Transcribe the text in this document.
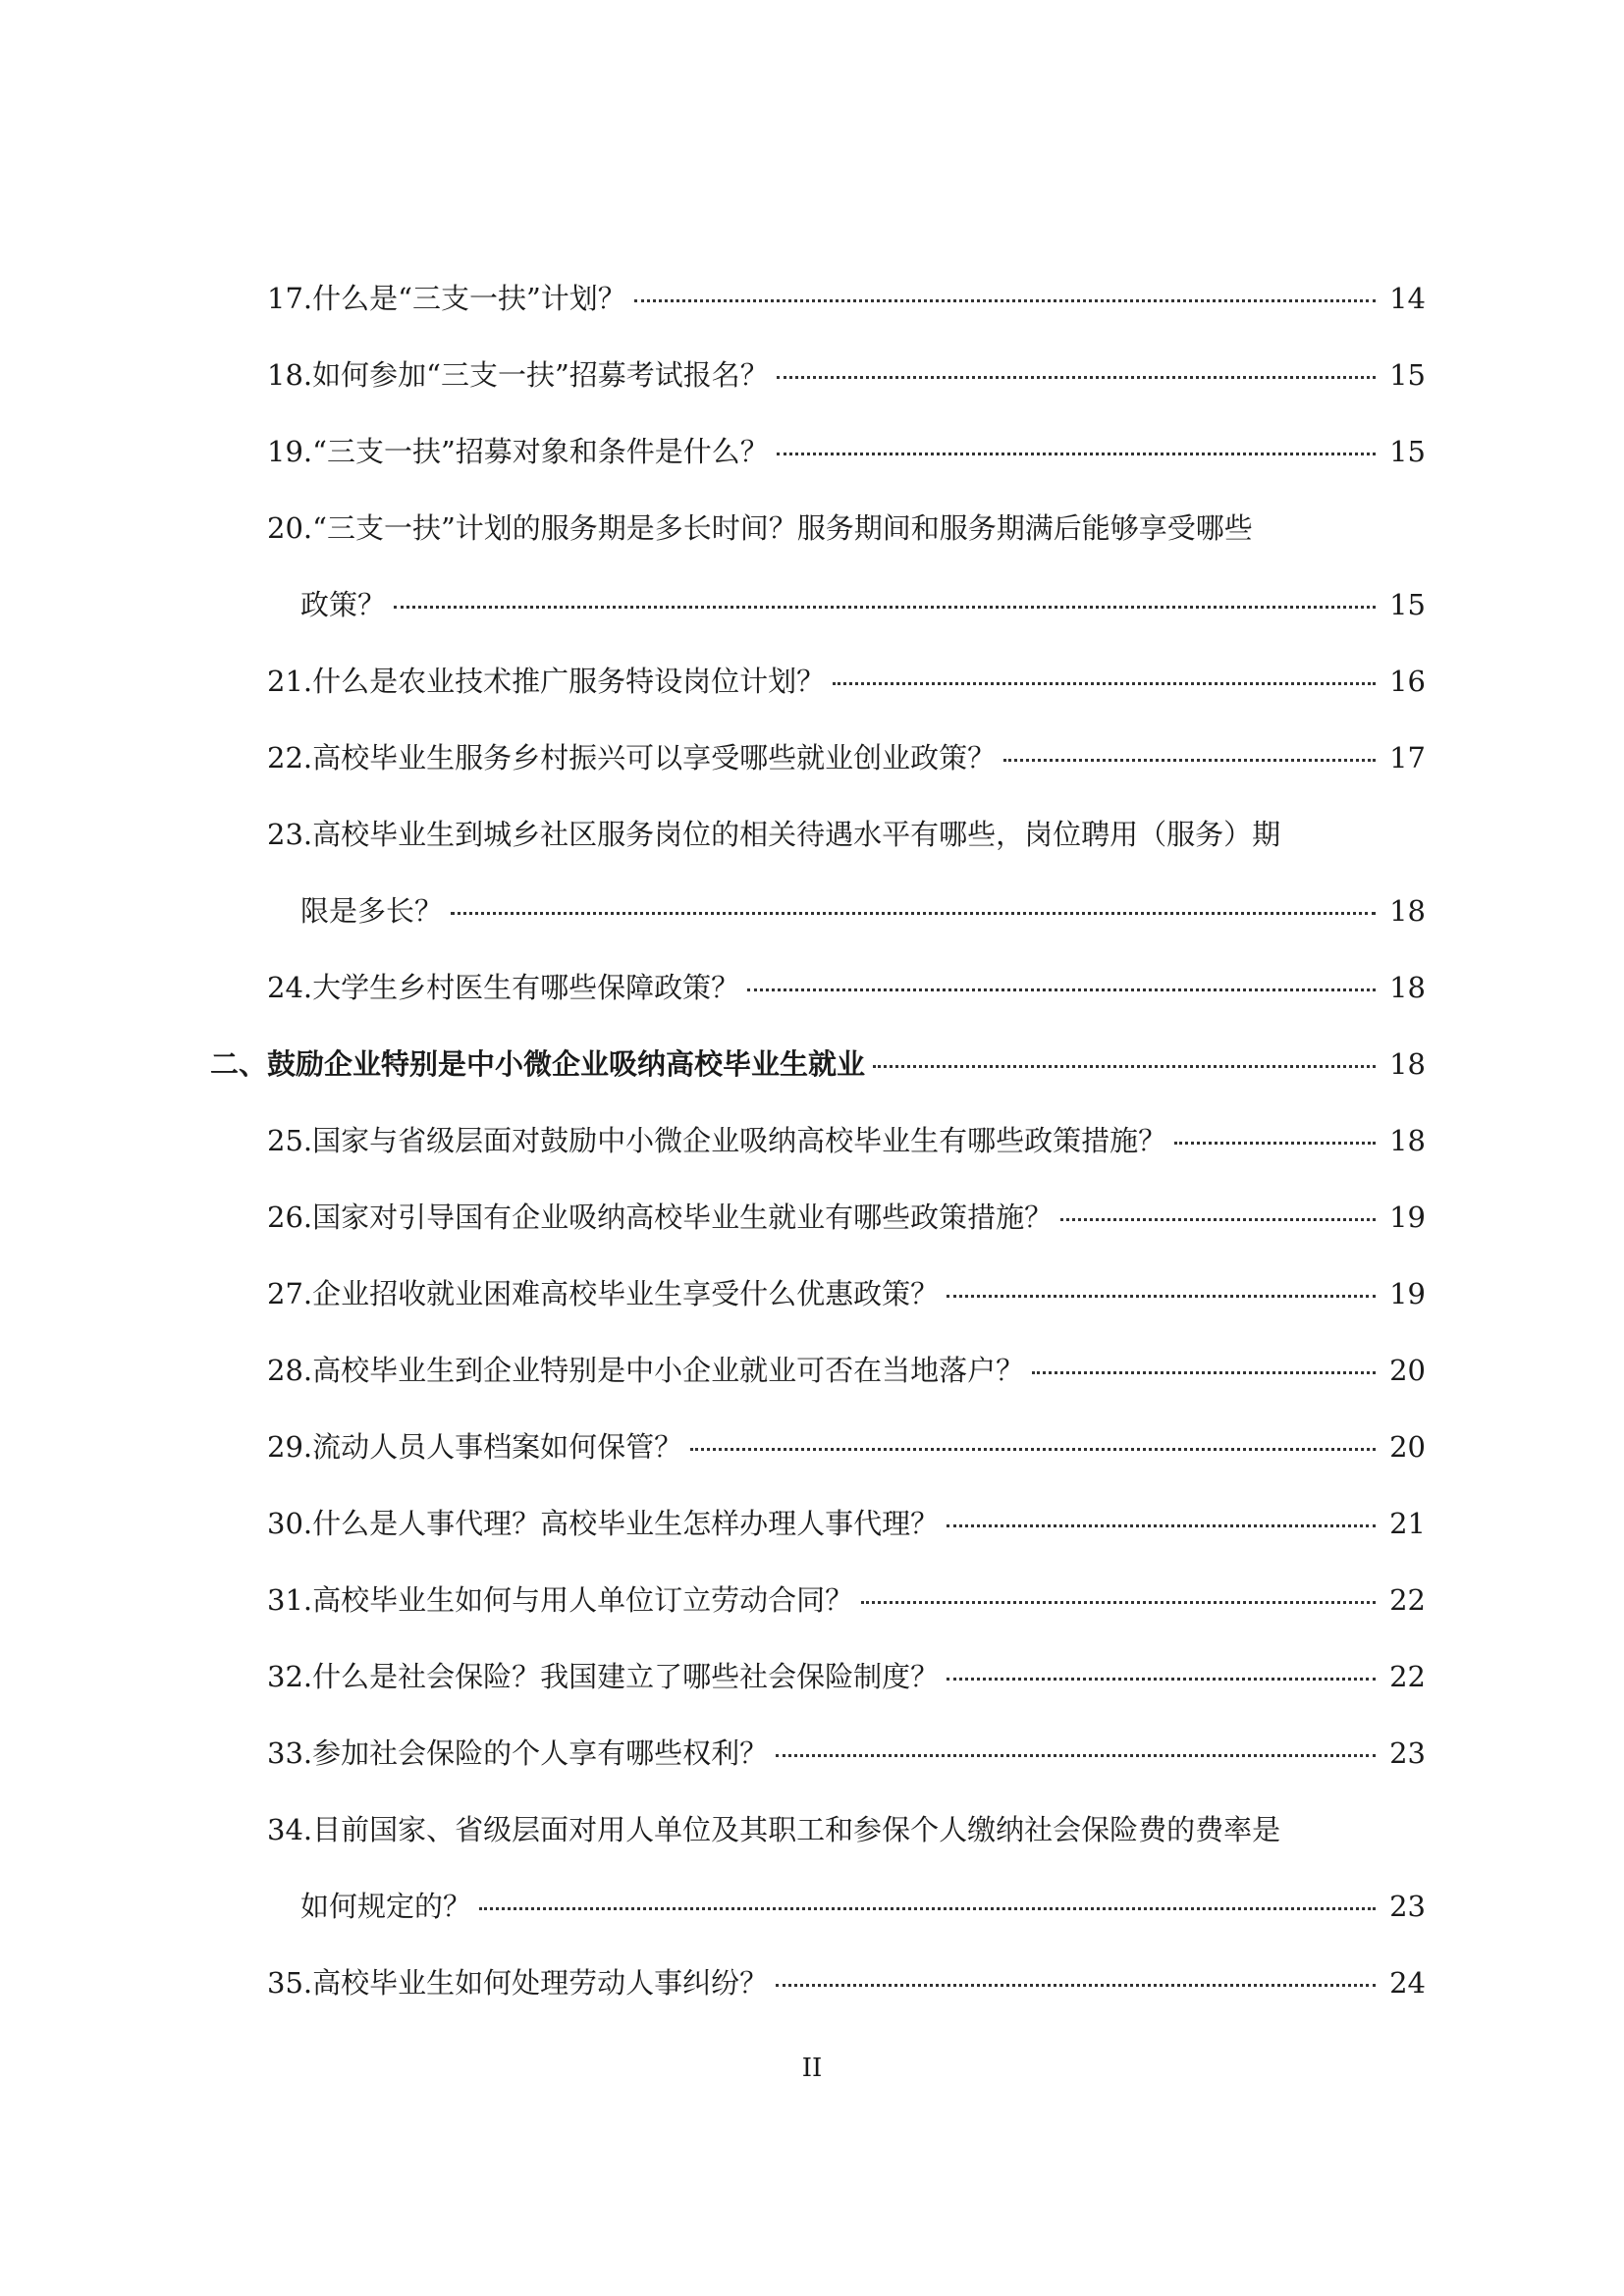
17.什么是“三支一扶”计划？	14
18.如何参加“三支一扶”招募考试报名？	15
19.“三支一扶”招募对象和条件是什么？	15
20.“三支一扶”计划的服务期是多长时间？服务期间和服务期满后能够享受哪些
政策？	15
21.什么是农业技术推广服务特设岗位计划？	16
22.高校毕业生服务乡村振兴可以享受哪些就业创业政策？	17
23.高校毕业生到城乡社区服务岗位的相关待遇水平有哪些，岗位聘用（服务）期
限是多长？	18
24.大学生乡村医生有哪些保障政策？	18
二、鼓励企业特别是中小微企业吸纳高校毕业生就业	18
25.国家与省级层面对鼓励中小微企业吸纳高校毕业生有哪些政策措施？	18
26.国家对引导国有企业吸纳高校毕业生就业有哪些政策措施？	19
27.企业招收就业困难高校毕业生享受什么优惠政策？	19
28.高校毕业生到企业特别是中小企业就业可否在当地落户？	20
29.流动人员人事档案如何保管？	20
30.什么是人事代理？高校毕业生怎样办理人事代理？	21
31.高校毕业生如何与用人单位订立劳动合同？	22
32.什么是社会保险？我国建立了哪些社会保险制度？	22
33.参加社会保险的个人享有哪些权利？	23
34.目前国家、省级层面对用人单位及其职工和参保个人缴纳社会保险费的费率是
如何规定的？	23
35.高校毕业生如何处理劳动人事纠纷？	24
II
